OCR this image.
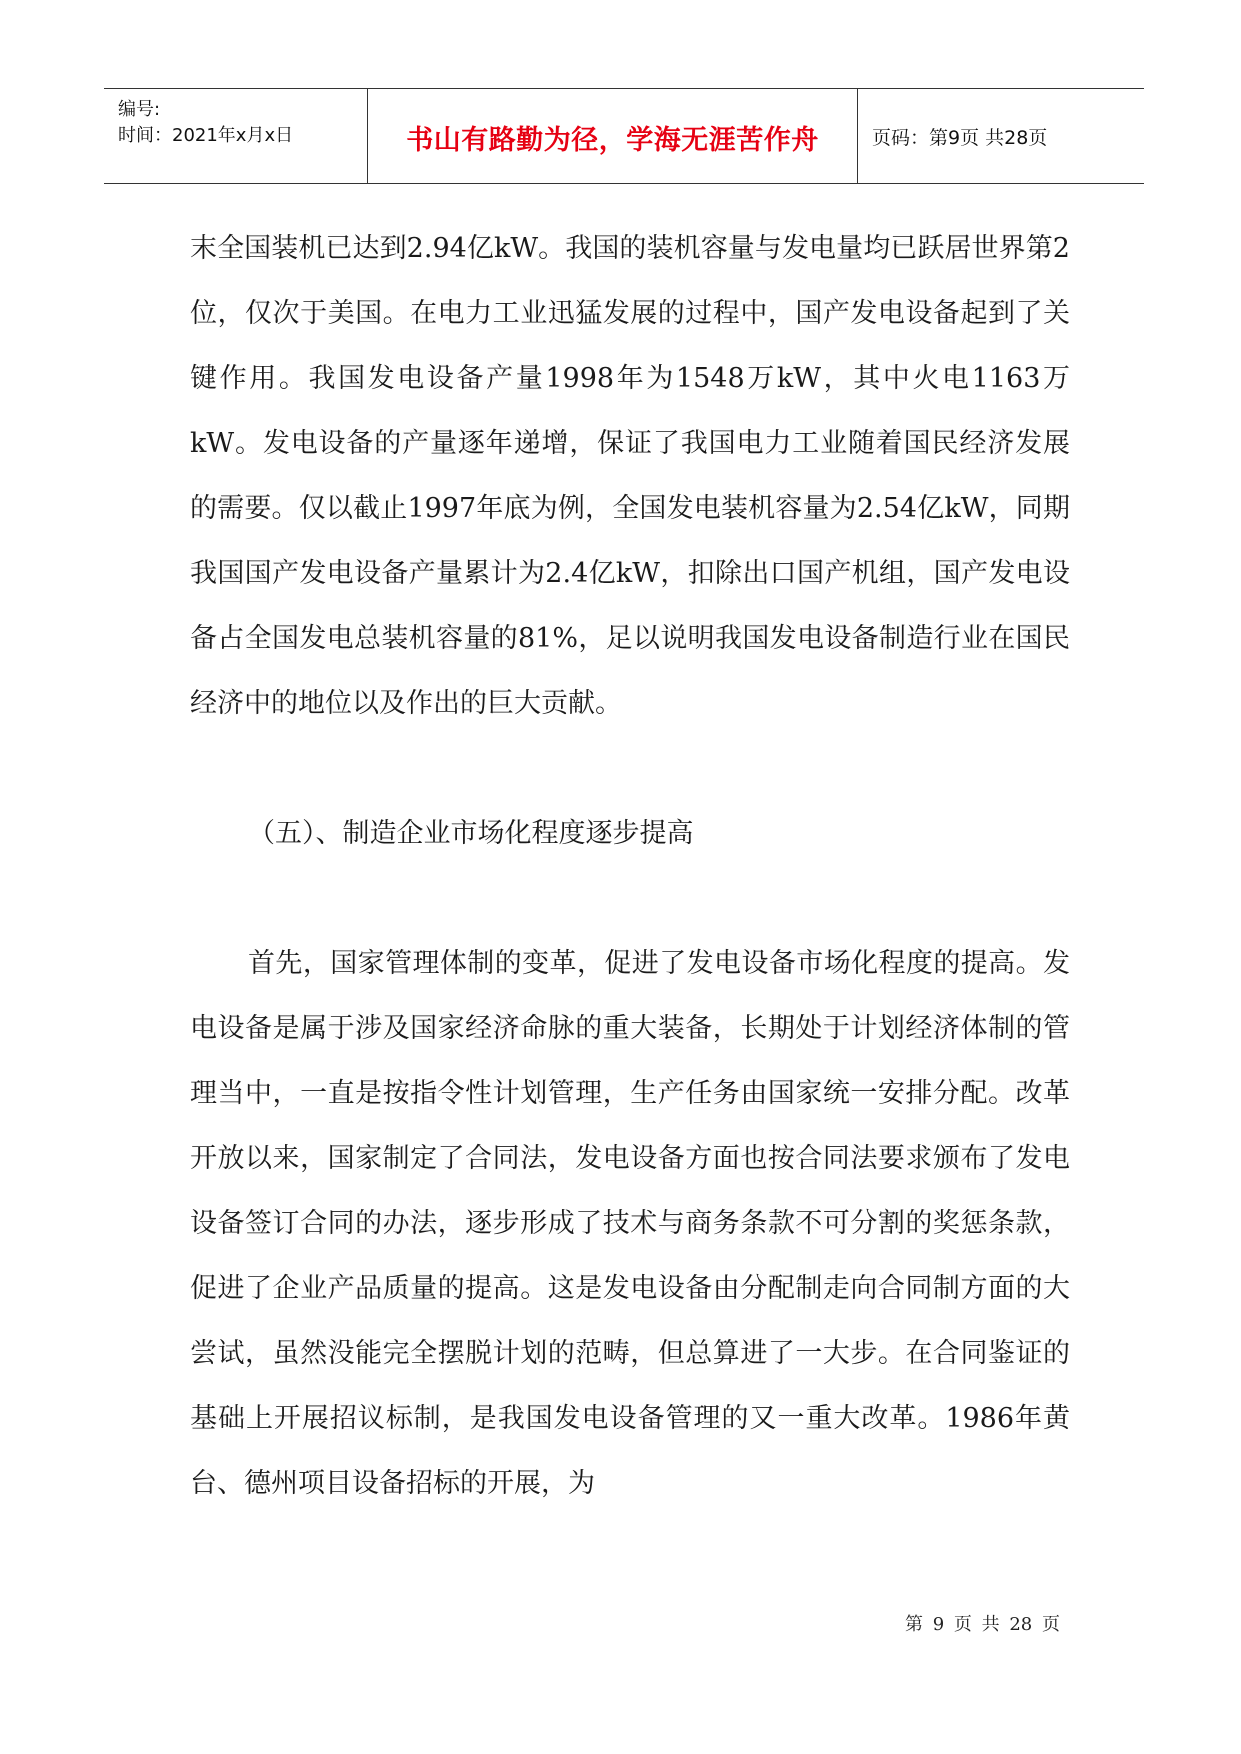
编号:
时间：2021年x月x日	书山有路勤为径，学海无涯苦作舟	页码：第9页 共28页

末全国装机已达到2.94亿kW。我国的装机容量与发电量均已跃居世界第2位，仅次于美国。在电力工业迅猛发展的过程中，国产发电设备起到了关键作用。我国发电设备产量1998年为1548万kW，其中火电1163万kW。发电设备的产量逐年递增，保证了我国电力工业随着国民经济发展的需要。仅以截止1997年底为例，全国发电装机容量为2.54亿kW，同期我国国产发电设备产量累计为2.4亿kW，扣除出口国产机组，国产发电设备占全国发电总装机容量的81%，足以说明我国发电设备制造行业在国民经济中的地位以及作出的巨大贡献。

（五）、制造企业市场化程度逐步提高

首先，国家管理体制的变革，促进了发电设备市场化程度的提高。发电设备是属于涉及国家经济命脉的重大装备，长期处于计划经济体制的管理当中，一直是按指令性计划管理，生产任务由国家统一安排分配。改革开放以来，国家制定了合同法，发电设备方面也按合同法要求颁布了发电设备签订合同的办法，逐步形成了技术与商务条款不可分割的奖惩条款，促进了企业产品质量的提高。这是发电设备由分配制走向合同制方面的大尝试，虽然没能完全摆脱计划的范畴，但总算进了一大步。在合同鉴证的基础上开展招议标制，是我国发电设备管理的又一重大改革。1986年黄台、德州项目设备招标的开展，为

第 9 页 共 28 页
